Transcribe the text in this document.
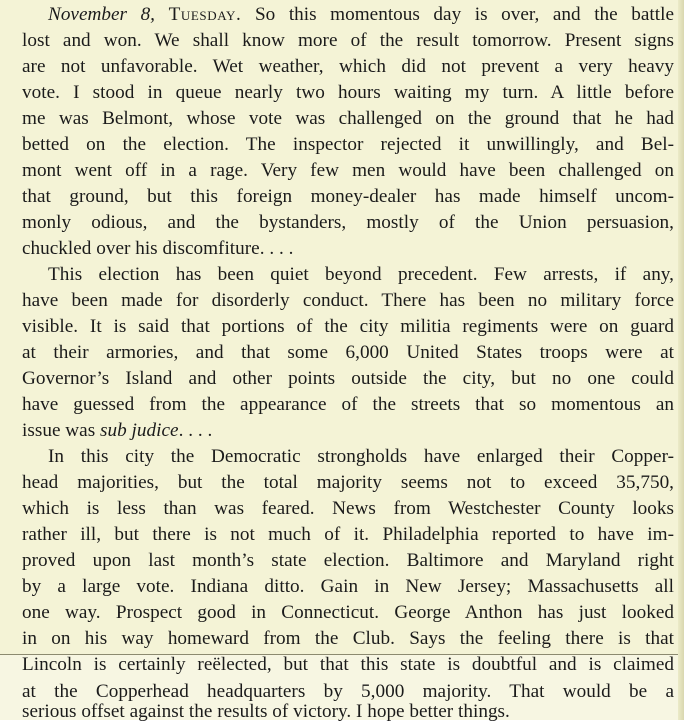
November 8, Tuesday. So this momentous day is over, and the battle
lost and won. We shall know more of the result tomorrow. Present signs
are not unfavorable. Wet weather, which did not prevent a very heavy
vote. I stood in queue nearly two hours waiting my turn. A little before
me was Belmont, whose vote was challenged on the ground that he had
betted on the election. The inspector rejected it unwillingly, and Bel-
mont went off in a rage. Very few men would have been challenged on
that ground, but this foreign money-dealer has made himself uncom-
monly odious, and the bystanders, mostly of the Union persuasion,
chuckled over his discomfiture. . . .
This election has been quiet beyond precedent. Few arrests, if any,
have been made for disorderly conduct. There has been no military force
visible. It is said that portions of the city militia regiments were on guard
at their armories, and that some 6,000 United States troops were at
Governor’s Island and other points outside the city, but no one could
have guessed from the appearance of the streets that so momentous an
issue was sub judice. . . .
In this city the Democratic strongholds have enlarged their Copper-
head majorities, but the total majority seems not to exceed 35,750,
which is less than was feared. News from Westchester County looks
rather ill, but there is not much of it. Philadelphia reported to have im-
proved upon last month’s state election. Baltimore and Maryland right
by a large vote. Indiana ditto. Gain in New Jersey; Massachusetts all
one way. Prospect good in Connecticut. George Anthon has just looked
in on his way homeward from the Club. Says the feeling there is that
Lincoln is certainly reëlected, but that this state is doubtful and is claimed
at the Copperhead headquarters by 5,000 majority. That would be a
serious offset against the results of victory. I hope better things.
